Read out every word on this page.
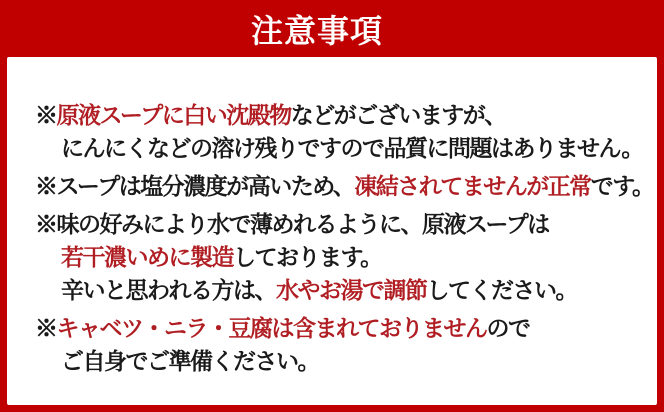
注意事項

※原液スープに白い沈殿物などがございますが、
にんにくなどの溶け残りですので品質に問題はありません。

※スープは塩分濃度が高いため、凍結されてませんが正常です。

※味の好みにより水で薄めれるように、原液スープは
若干濃いめに製造しております。
辛いと思われる方は、水やお湯で調節してください。

※キャベツ・ニラ・豆腐は含まれておりませんので
ご自身でご準備ください。
